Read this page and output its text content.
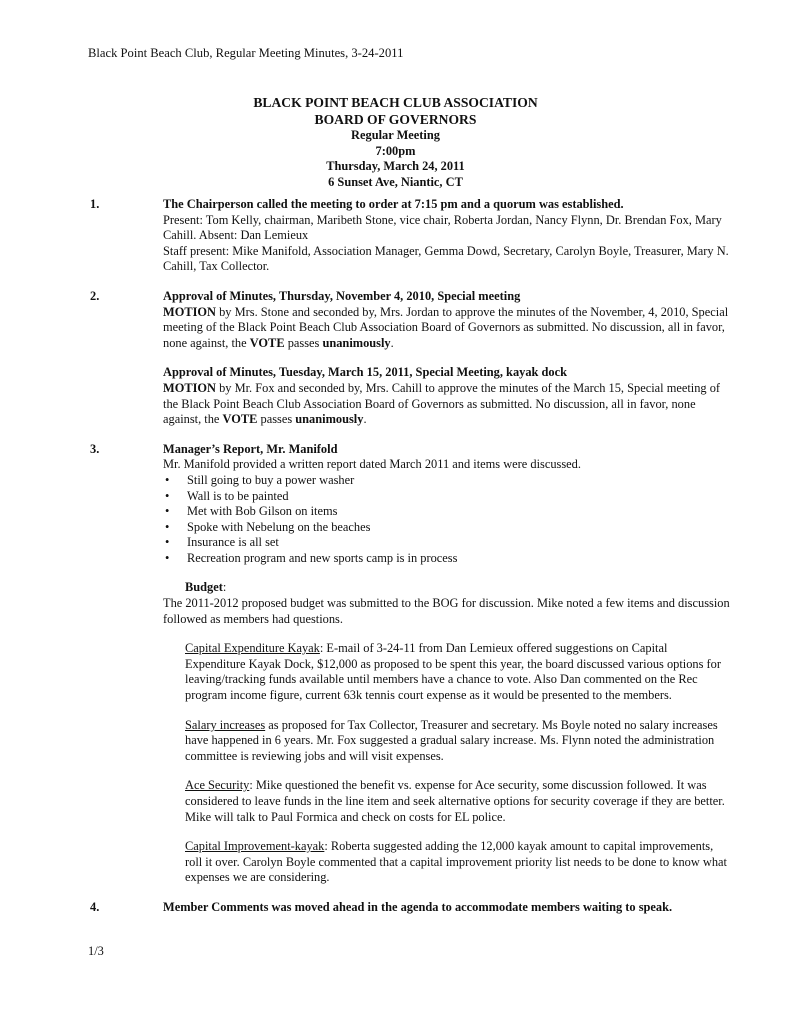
Black Point Beach Club, Regular Meeting Minutes, 3-24-2011
BLACK POINT BEACH CLUB ASSOCIATION
BOARD OF GOVERNORS
Regular Meeting
7:00pm
Thursday, March 24, 2011
6 Sunset Ave, Niantic, CT
1.	The Chairperson called the meeting to order at 7:15 pm and a quorum was established.

Present: Tom Kelly, chairman, Maribeth Stone, vice chair, Roberta Jordan, Nancy Flynn, Dr. Brendan Fox, Mary Cahill. Absent: Dan Lemieux

Staff present: Mike Manifold, Association Manager, Gemma Dowd, Secretary, Carolyn Boyle, Treasurer, Mary N. Cahill, Tax Collector.

2.	Approval of Minutes, Thursday, November 4, 2010, Special meeting

MOTION by Mrs. Stone and seconded by, Mrs. Jordan to approve the minutes of the November, 4, 2010, Special meeting of the Black Point Beach Club Association Board of Governors as submitted. No discussion, all in favor, none against, the VOTE passes unanimously.

Approval of Minutes, Tuesday, March 15, 2011, Special Meeting, kayak dock

MOTION by Mr. Fox and seconded by, Mrs. Cahill to approve the minutes of the March 15, Special meeting of the Black Point Beach Club Association Board of Governors as submitted. No discussion, all in favor, none against, the VOTE passes unanimously.

3.	Manager’s Report, Mr. Manifold

Mr. Manifold provided a written report dated March 2011 and items were discussed.

• Still going to buy a power washer
• Wall is to be painted
• Met with Bob Gilson on items
• Spoke with Nebelung on the beaches
• Insurance is all set
• Recreation program and new sports camp is in process

Budget:

The 2011-2012 proposed budget was submitted to the BOG for discussion. Mike noted a few items and discussion followed as members had questions.

Capital Expenditure Kayak: E-mail of 3-24-11 from Dan Lemieux offered suggestions on Capital Expenditure Kayak Dock, $12,000 as proposed to be spent this year, the board discussed various options for leaving/tracking funds available until members have a chance to vote. Also Dan commented on the Rec program income figure, current 63k tennis court expense as it would be presented to the members.

Salary increases as proposed for Tax Collector, Treasurer and secretary. Ms Boyle noted no salary increases have happened in 6 years. Mr. Fox suggested a gradual salary increase. Ms. Flynn noted the administration committee is reviewing jobs and will visit expenses.

Ace Security: Mike questioned the benefit vs. expense for Ace security, some discussion followed. It was considered to leave funds in the line item and seek alternative options for security coverage if they are better. Mike will talk to Paul Formica and check on costs for EL police.

Capital Improvement-kayak: Roberta suggested adding the 12,000 kayak amount to capital improvements, roll it over. Carolyn Boyle commented that a capital improvement priority list needs to be done to know what expenses we are considering.

4.	Member Comments was moved ahead in the agenda to accommodate members waiting to speak.

1/3
